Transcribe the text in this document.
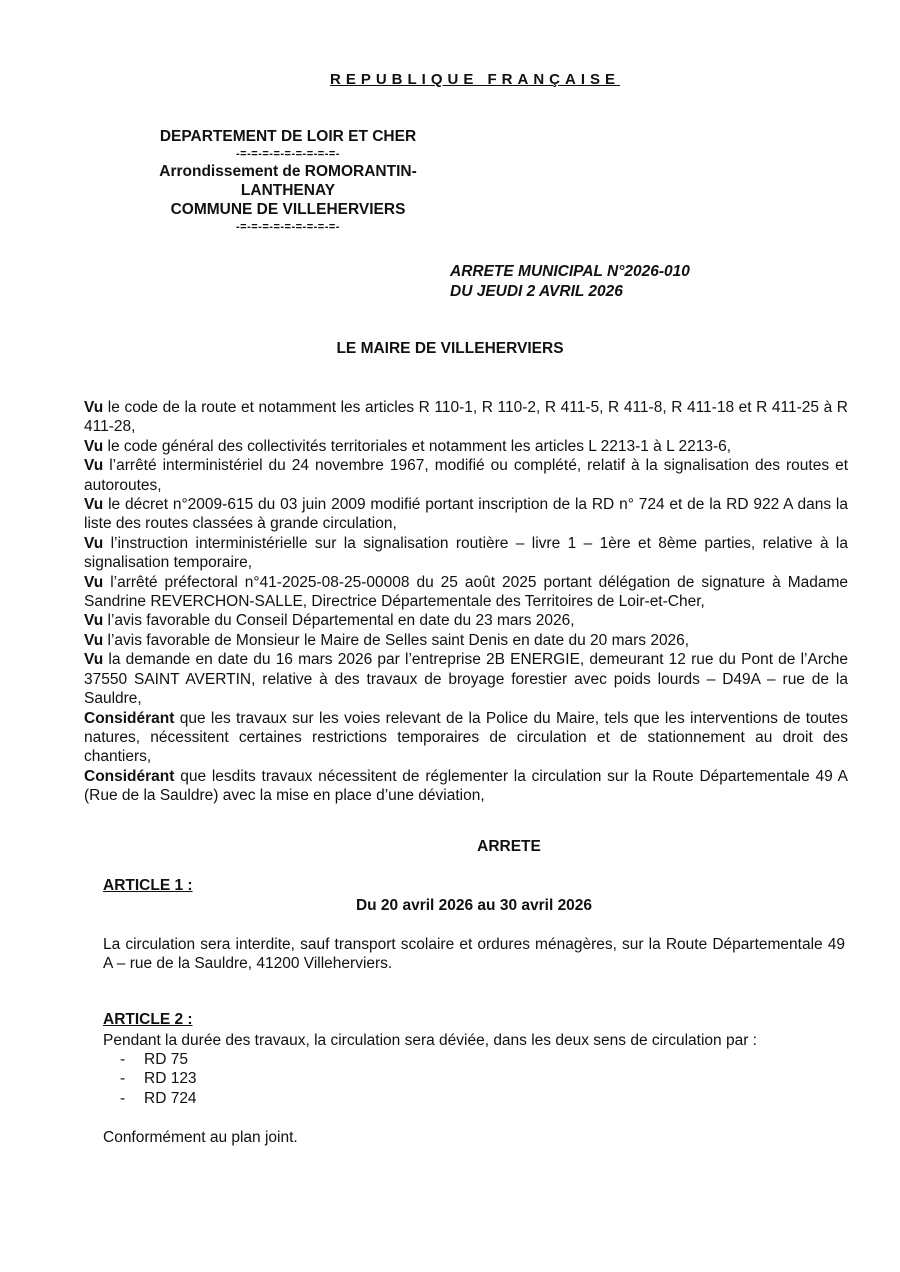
REPUBLIQUE FRANÇAISE
DEPARTEMENT DE LOIR ET CHER
-=-=-=-=-=-=-=-=-=-
Arrondissement de ROMORANTIN-
LANTHENAY
COMMUNE DE VILLEHERVIERS
-=-=-=-=-=-=-=-=-=-
ARRETE MUNICIPAL N°2026-010
DU JEUDI 2 AVRIL 2026
LE MAIRE DE VILLEHERVIERS

Vu le code de la route et notamment les articles R 110-1, R 110-2, R 411-5, R 411-8, R 411-18 et R 411-25 à R 411-28,

Vu le code général des collectivités territoriales et notamment les articles L 2213-1 à L 2213-6,

Vu l’arrêté interministériel du 24 novembre 1967, modifié ou complété, relatif à la signalisation des routes et autoroutes,

Vu le décret n°2009-615 du 03 juin 2009 modifié portant inscription de la RD n° 724 et de la RD 922 A dans la liste des routes classées à grande circulation,

Vu l’instruction interministérielle sur la signalisation routière – livre 1 – 1ère et 8ème parties, relative à la signalisation temporaire,

Vu l’arrêté préfectoral n°41-2025-08-25-00008 du 25 août 2025 portant délégation de signature à Madame Sandrine REVERCHON-SALLE, Directrice Départementale des Territoires de Loir-et-Cher,

Vu l’avis favorable du Conseil Départemental en date du 23 mars 2026,

Vu l’avis favorable de Monsieur le Maire de Selles saint Denis en date du 20 mars 2026,

Vu la demande en date du 16 mars 2026 par l’entreprise 2B ENERGIE, demeurant 12 rue du Pont de l’Arche 37550 SAINT AVERTIN, relative à des travaux de broyage forestier avec poids lourds – D49A – rue de la Sauldre,

Considérant que les travaux sur les voies relevant de la Police du Maire, tels que les interventions de toutes natures, nécessitent certaines restrictions temporaires de circulation et de stationnement au droit des chantiers,

Considérant que lesdits travaux nécessitent de réglementer la circulation sur la Route Départementale 49 A (Rue de la Sauldre) avec la mise en place d’une déviation,

ARRETE
ARTICLE 1 :
Du 20 avril 2026 au 30 avril 2026

La circulation sera interdite, sauf transport scolaire et ordures ménagères, sur la Route Départementale 49 A – rue de la Sauldre, 41200 Villeherviers.

ARTICLE 2 :
Pendant la durée des travaux, la circulation sera déviée, dans les deux sens de circulation par :
- RD 75
- RD 123
- RD 724
Conformément au plan joint.
